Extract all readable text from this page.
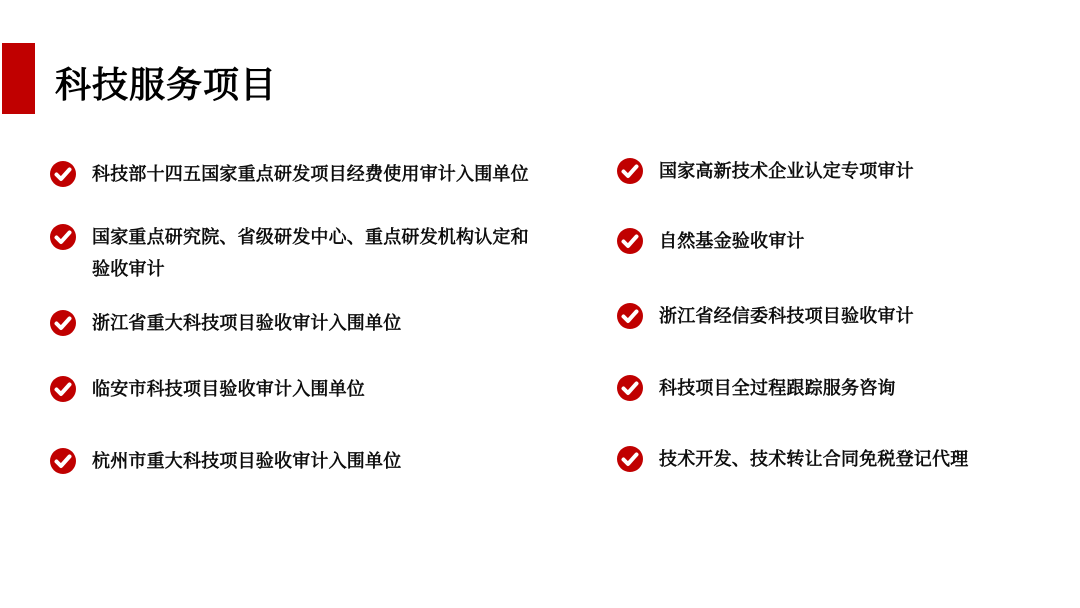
科技服务项目
科技部十四五国家重点研发项目经费使用审计入围单位
国家重点研究院、省级研发中心、重点研发机构认定和验收审计
浙江省重大科技项目验收审计入围单位
临安市科技项目验收审计入围单位
杭州市重大科技项目验收审计入围单位
国家高新技术企业认定专项审计
自然基金验收审计
浙江省经信委科技项目验收审计
科技项目全过程跟踪服务咨询
技术开发、技术转让合同免税登记代理
